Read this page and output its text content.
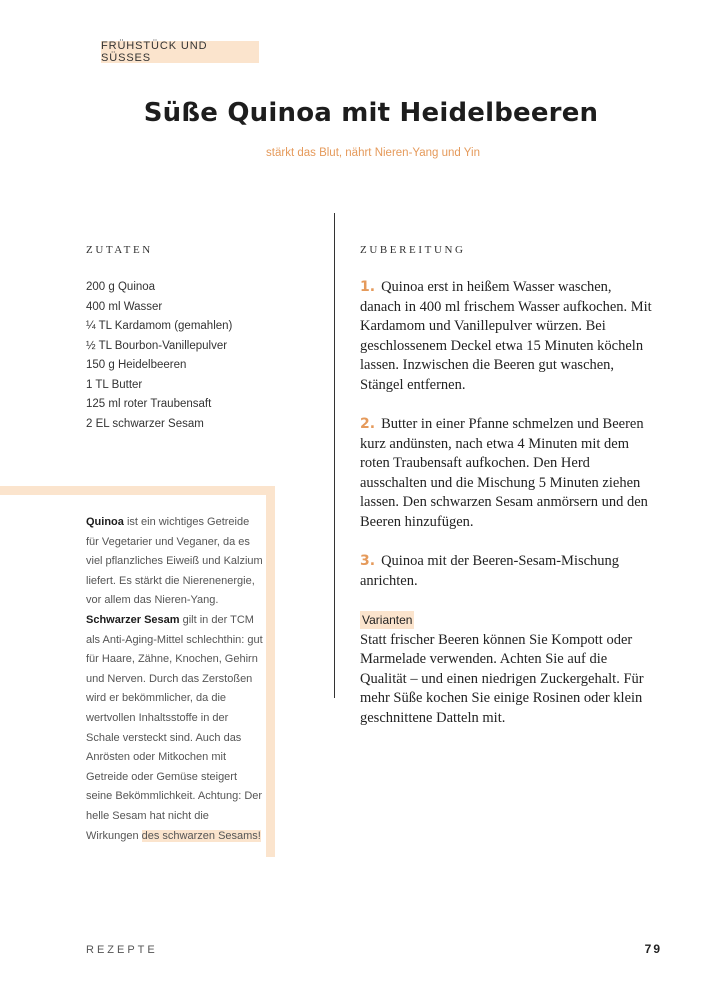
FRÜHSTÜCK UND SÜSSES
Süße Quinoa mit Heidelbeeren
stärkt das Blut, nährt Nieren-Yang und Yin
ZUTATEN
200 g Quinoa
400 ml Wasser
¼ TL Kardamom (gemahlen)
½ TL Bourbon-Vanillepulver
150 g Heidelbeeren
1 TL Butter
125 ml roter Traubensaft
2 EL schwarzer Sesam

Quinoa ist ein wichtiges Getreide für Vegetarier und Veganer, da es viel pflanzliches Eiweiß und Kalzium liefert. Es stärkt die Nierenenergie, vor allem das Nieren-Yang. Schwarzer Sesam gilt in der TCM als Anti-Aging-Mittel schlechthin: gut für Haare, Zähne, Knochen, Gehirn und Nerven. Durch das Zerstoßen wird er bekömmlicher, da die wertvollen Inhaltsstoffe in der Schale versteckt sind. Auch das Anrösten oder Mitkochen mit Getreide oder Gemüse steigert seine Bekömmlichkeit. Achtung: Der helle Sesam hat nicht die Wirkungen des schwarzen Sesams!

ZUBEREITUNG

1. Quinoa erst in heißem Wasser waschen, danach in 400 ml frischem Wasser aufkochen. Mit Kardamom und Vanillepulver würzen. Bei geschlossenem Deckel etwa 15 Minuten köcheln lassen. Inzwischen die Beeren gut waschen, Stängel entfernen.

2. Butter in einer Pfanne schmelzen und Beeren kurz andünsten, nach etwa 4 Minuten mit dem roten Traubensaft aufkochen. Den Herd ausschalten und die Mischung 5 Minuten ziehen lassen. Den schwarzen Sesam anmörsern und den Beeren hinzufügen.

3. Quinoa mit der Beeren-Sesam-Mischung anrichten.

Varianten

Statt frischer Beeren können Sie Kompott oder Marmelade verwenden. Achten Sie auf die Qualität – und einen niedrigen Zuckergehalt. Für mehr Süße kochen Sie einige Rosinen oder klein geschnittene Datteln mit.

REZEPTE	79
